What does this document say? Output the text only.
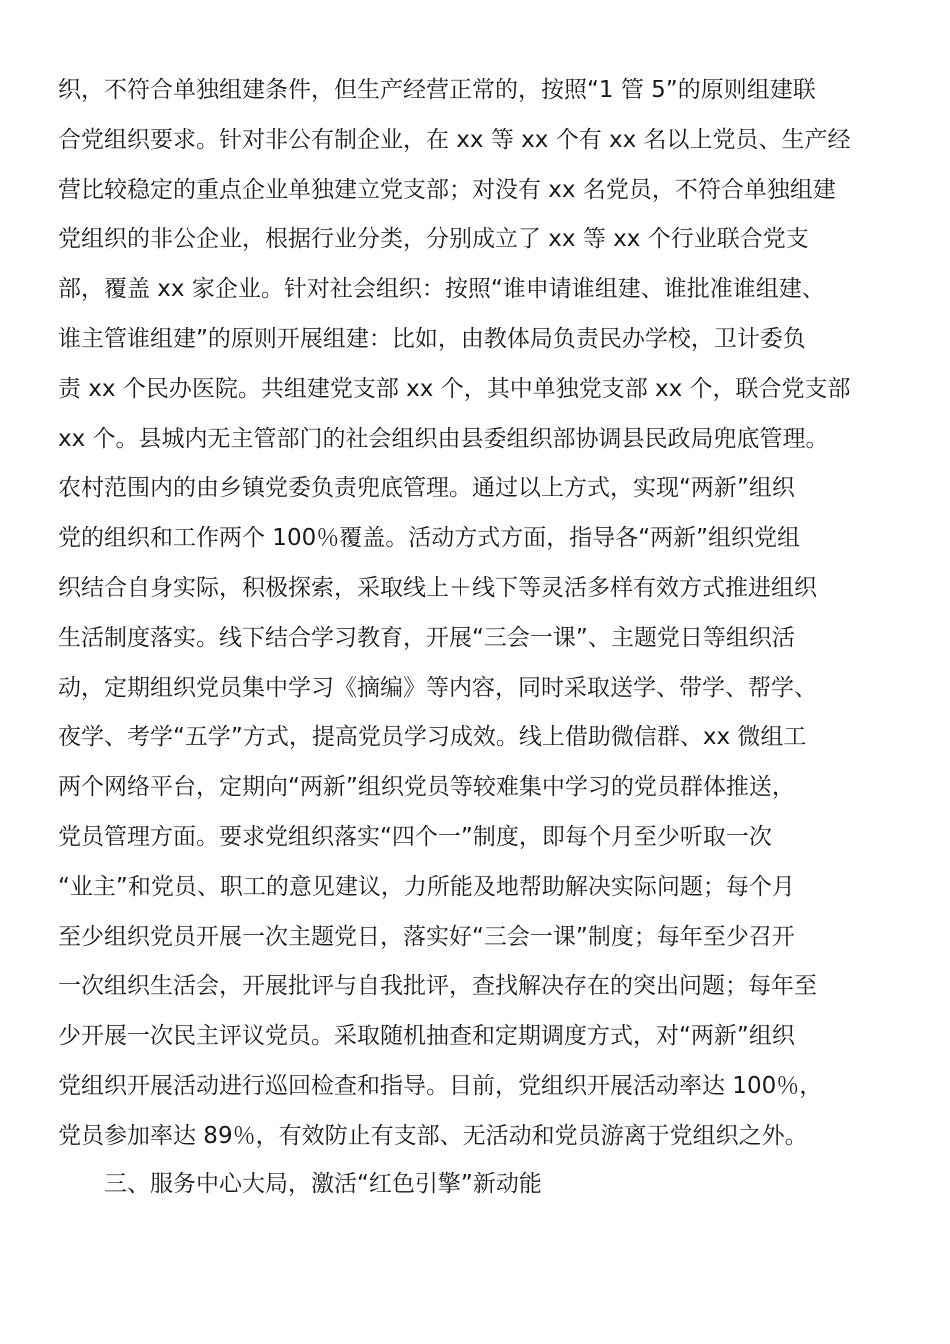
织，不符合单独组建条件，但生产经营正常的，按照“1 管 5”的原则组建联
合党组织要求。针对非公有制企业，在 xx 等 xx 个有 xx 名以上党员、生产经
营比较稳定的重点企业单独建立党支部；对没有 xx 名党员，不符合单独组建
党组织的非公企业，根据行业分类，分别成立了 xx 等 xx 个行业联合党支
部，覆盖 xx 家企业。针对社会组织：按照“谁申请谁组建、谁批准谁组建、
谁主管谁组建”的原则开展组建：比如，由教体局负责民办学校，卫计委负
责 xx 个民办医院。共组建党支部 xx 个，其中单独党支部 xx 个，联合党支部
xx 个。县城内无主管部门的社会组织由县委组织部协调县民政局兜底管理。
农村范围内的由乡镇党委负责兜底管理。通过以上方式，实现“两新”组织
党的组织和工作两个 100％覆盖。活动方式方面，指导各“两新”组织党组
织结合自身实际，积极探索，采取线上＋线下等灵活多样有效方式推进组织
生活制度落实。线下结合学习教育，开展“三会一课”、主题党日等组织活
动，定期组织党员集中学习《摘编》等内容，同时采取送学、带学、帮学、
夜学、考学“五学”方式，提高党员学习成效。线上借助微信群、xx 微组工
两个网络平台，定期向“两新”组织党员等较难集中学习的党员群体推送，
党员管理方面。要求党组织落实“四个一”制度，即每个月至少听取一次
“业主”和党员、职工的意见建议，力所能及地帮助解决实际问题；每个月
至少组织党员开展一次主题党日，落实好“三会一课”制度；每年至少召开
一次组织生活会，开展批评与自我批评，查找解决存在的突出问题；每年至
少开展一次民主评议党员。采取随机抽查和定期调度方式，对“两新”组织
党组织开展活动进行巡回检查和指导。目前，党组织开展活动率达 100％，
党员参加率达 89％，有效防止有支部、无活动和党员游离于党组织之外。

三、服务中心大局，激活“红色引擎”新动能
